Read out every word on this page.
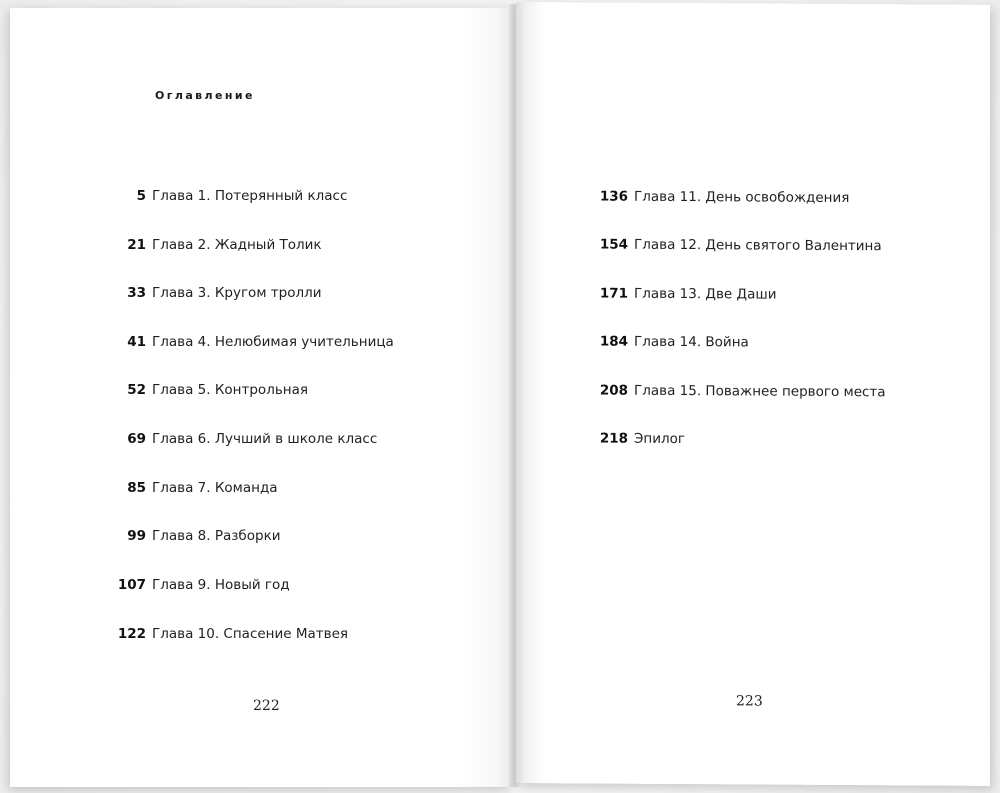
Оглавление
5 Глава 1. Потерянный класс
21 Глава 2. Жадный Толик
33 Глава 3. Кругом тролли
41 Глава 4. Нелюбимая учительница
52 Глава 5. Контрольная
69 Глава 6. Лучший в школе класс
85 Глава 7. Команда
99 Глава 8. Разборки
107 Глава 9. Новый год
122 Глава 10. Спасение Матвея
222
136 Глава 11. День освобождения
154 Глава 12. День святого Валентина
171 Глава 13. Две Даши
184 Глава 14. Война
208 Глава 15. Поважнее первого места
218 Эпилог
223
